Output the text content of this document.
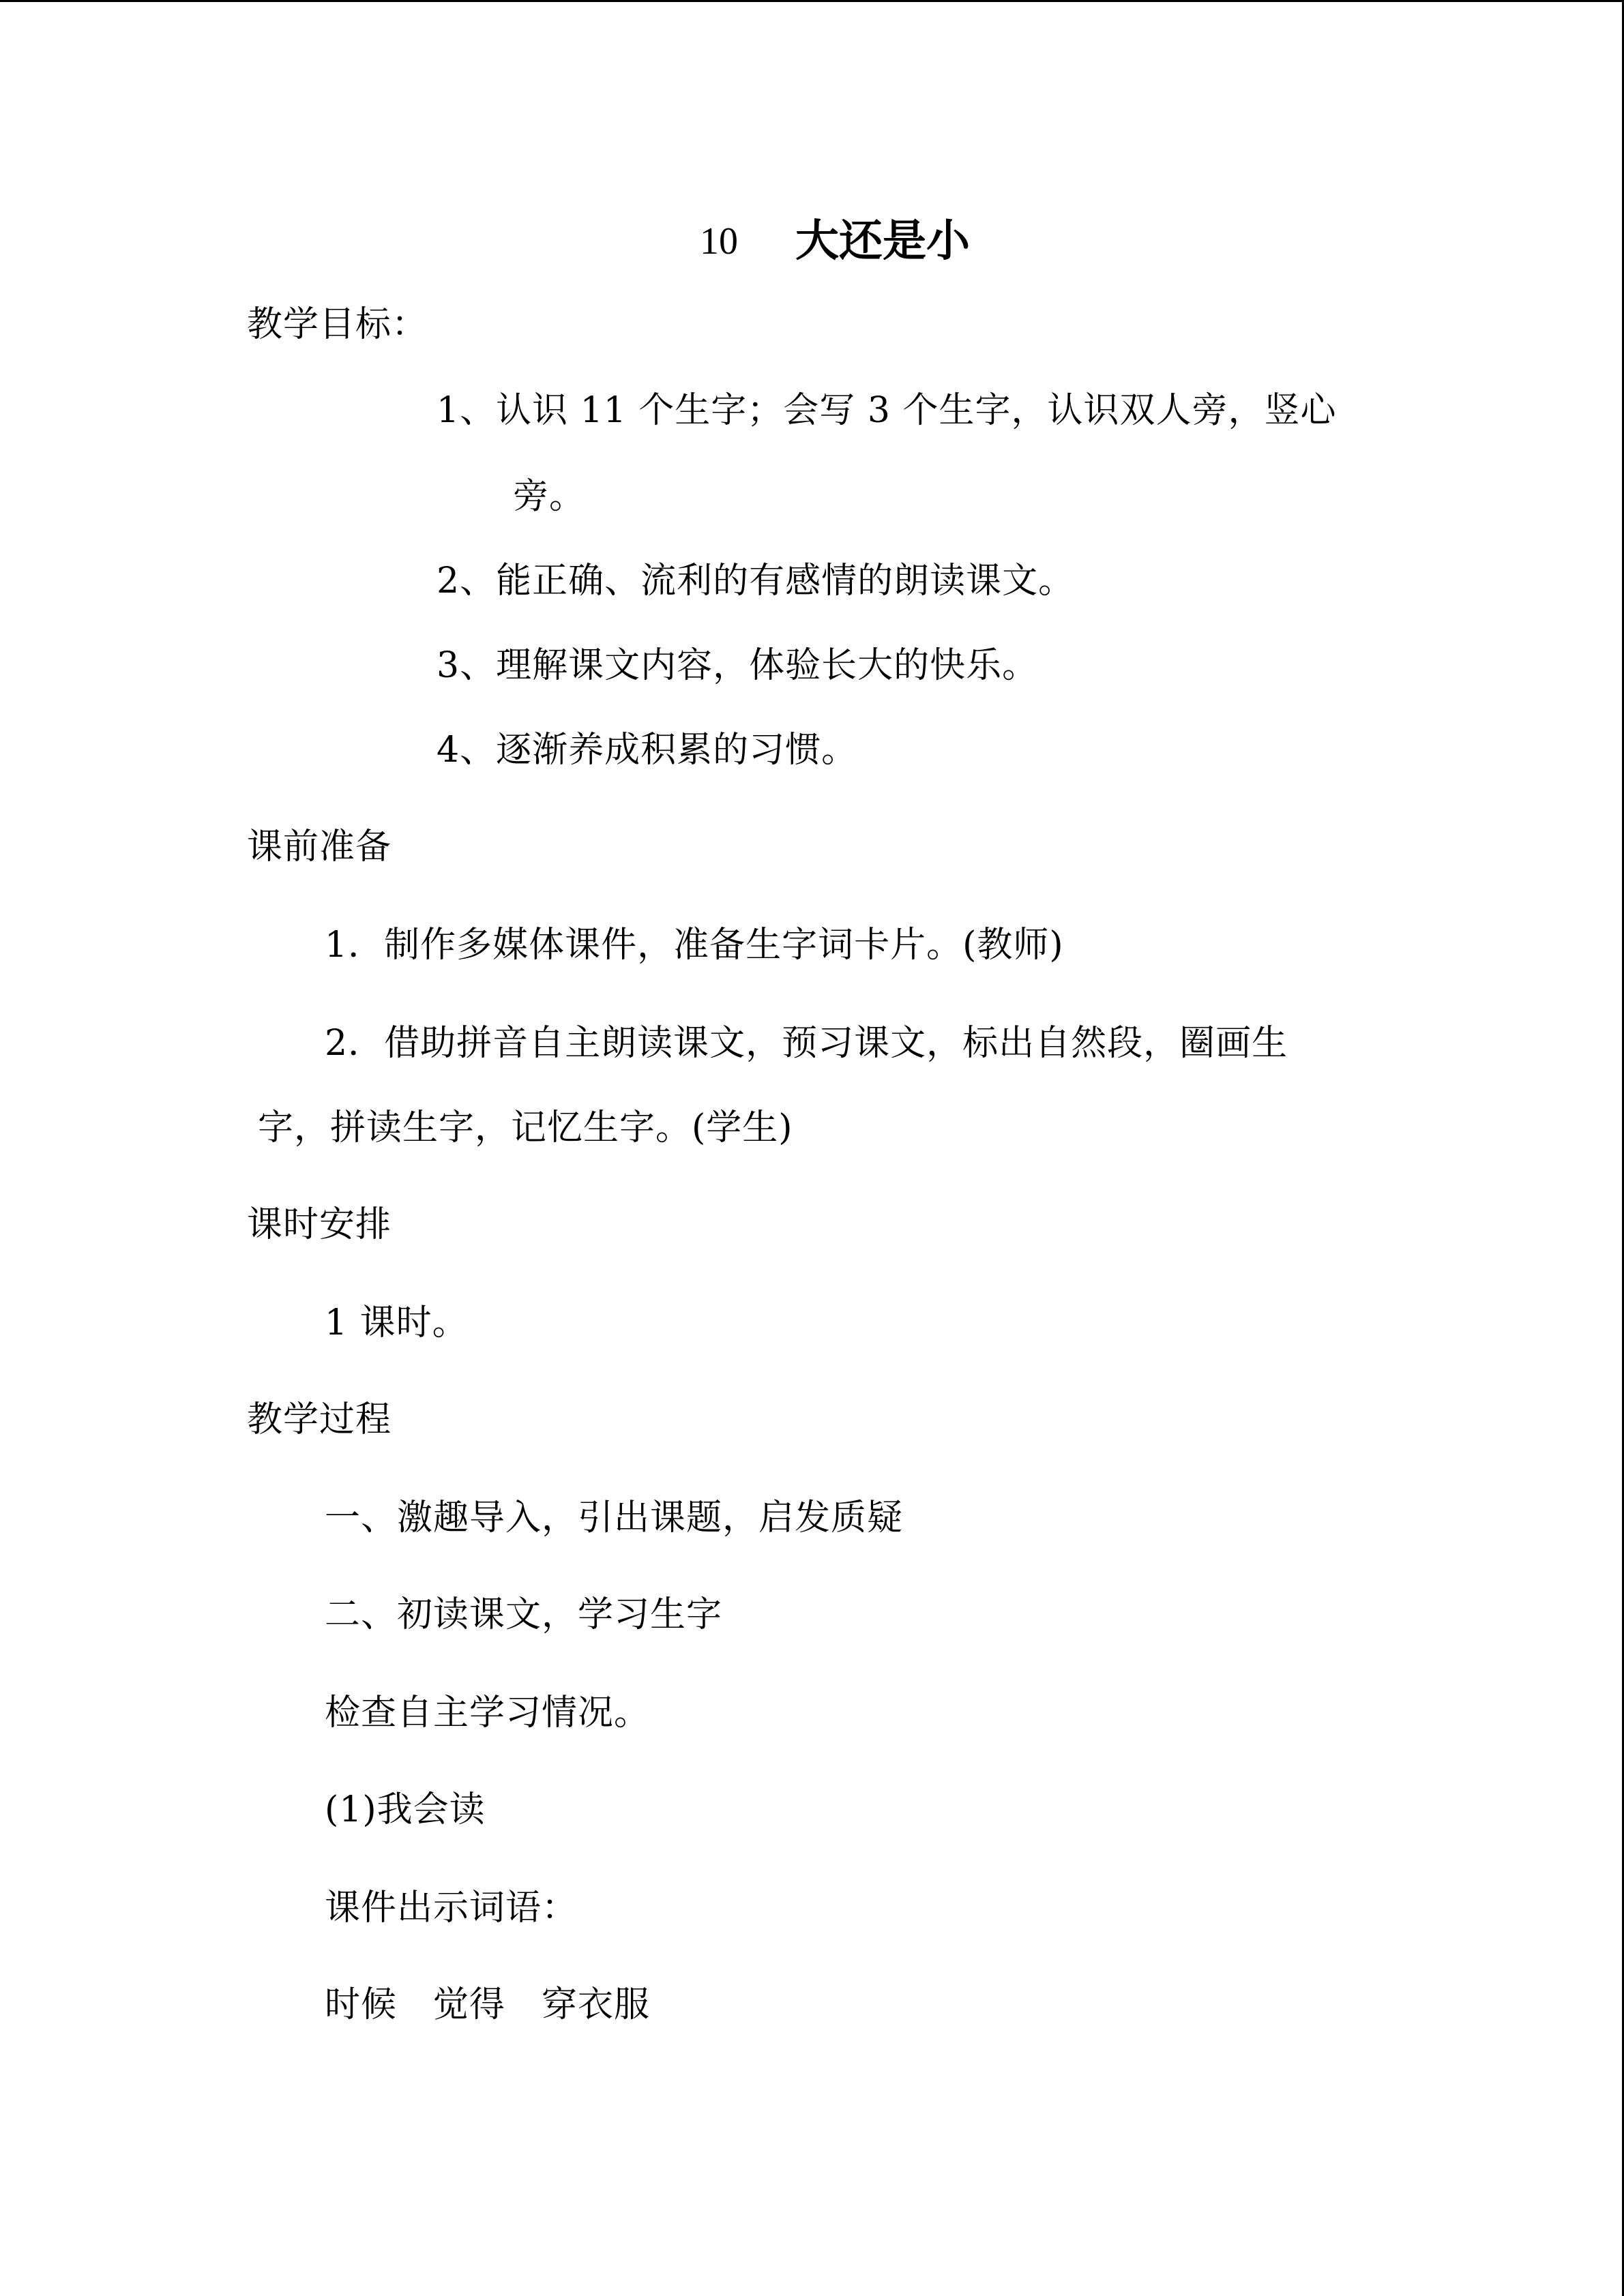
10 大还是小
教学目标：
1、认识 11 个生字；会写 3 个生字，认识双人旁，竖心
旁。
2、能正确、流利的有感情的朗读课文。
3、理解课文内容，体验长大的快乐。
4、逐渐养成积累的习惯。
课前准备
1．制作多媒体课件，准备生字词卡片。(教师)
2．借助拼音自主朗读课文，预习课文，标出自然段，圈画生
字，拼读生字，记忆生字。(学生)
课时安排
1 课时。
教学过程
一、激趣导入，引出课题，启发质疑
二、初读课文，学习生字
检查自主学习情况。
(1)我会读
课件出示词语：
时候　觉得　穿衣服
